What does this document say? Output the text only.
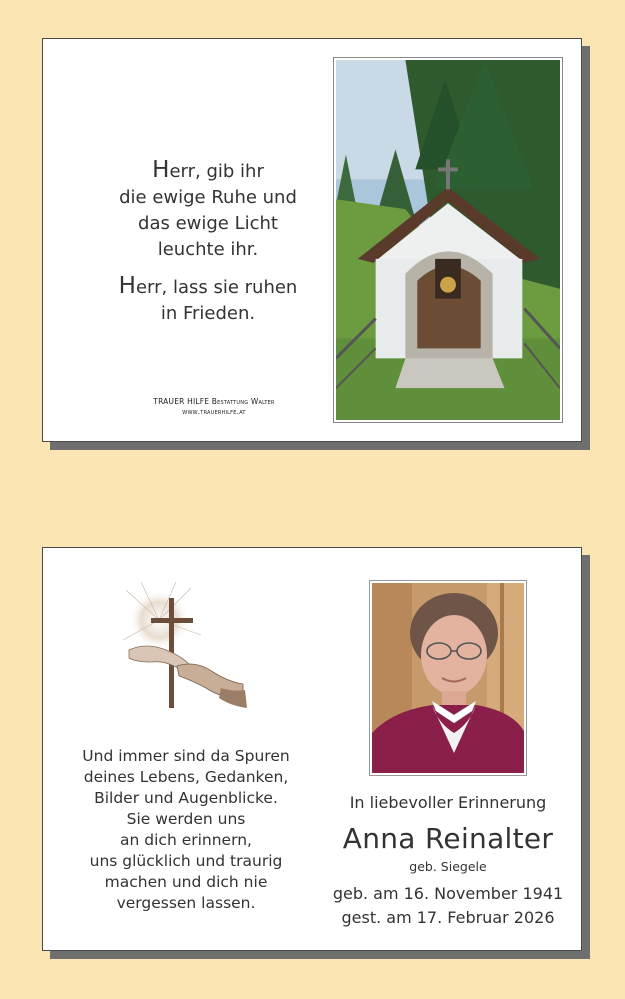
Herr, gib ihr
die ewige Ruhe und
das ewige Licht
leuchte ihr.

Herr, lass sie ruhen
in Frieden.

TRAUER HILFE Bestattung Walter
www.trauerhilfe.at
Und immer sind da Spuren
deines Lebens, Gedanken,
Bilder und Augenblicke.
Sie werden uns
an dich erinnern,
uns glücklich und traurig
machen und dich nie
vergessen lassen.
In liebevoller Erinnerung
Anna Reinalter
geb. Siegele
geb. am 16. November 1941
gest. am 17. Februar 2026
